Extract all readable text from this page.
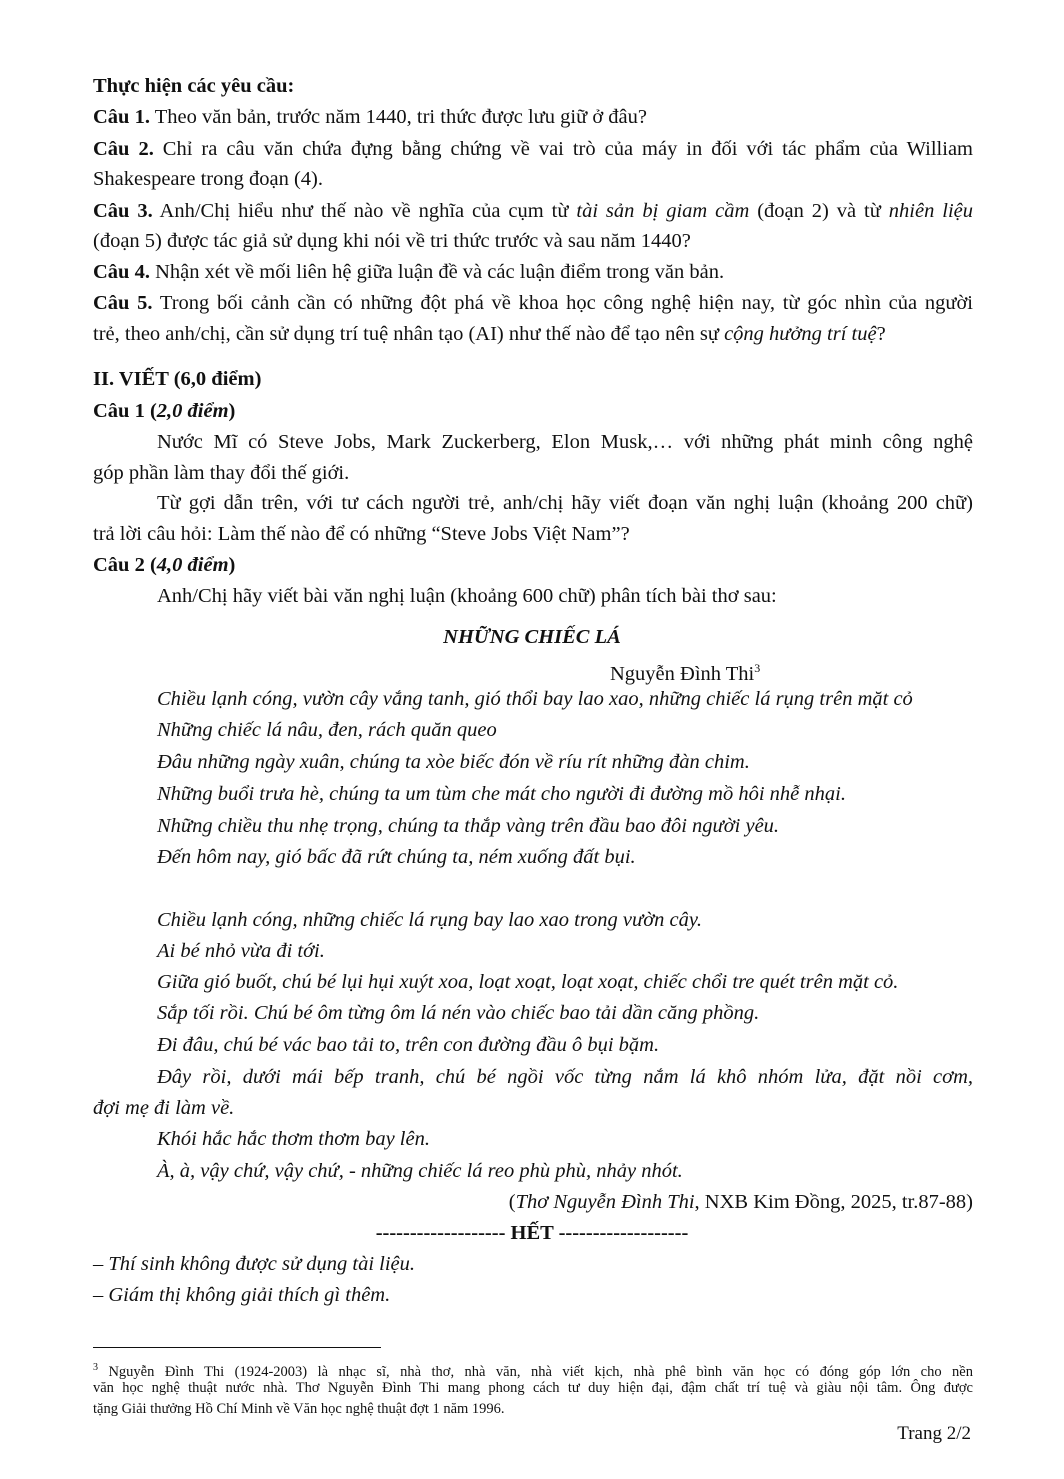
Thực hiện các yêu cầu:
Câu 1. Theo văn bản, trước năm 1440, tri thức được lưu giữ ở đâu?
Câu 2. Chỉ ra câu văn chứa đựng bằng chứng về vai trò của máy in đối với tác phẩm của William
Shakespeare trong đoạn (4).
Câu 3. Anh/Chị hiểu như thế nào về nghĩa của cụm từ tài sản bị giam cầm (đoạn 2) và từ nhiên liệu
(đoạn 5) được tác giả sử dụng khi nói về tri thức trước và sau năm 1440?
Câu 4. Nhận xét về mối liên hệ giữa luận đề và các luận điểm trong văn bản.
Câu 5. Trong bối cảnh cần có những đột phá về khoa học công nghệ hiện nay, từ góc nhìn của người
trẻ, theo anh/chị, cần sử dụng trí tuệ nhân tạo (AI) như thế nào để tạo nên sự cộng hưởng trí tuệ?
II. VIẾT (6,0 điểm)
Câu 1 (2,0 điểm)
Nước Mĩ có Steve Jobs, Mark Zuckerberg, Elon Musk,… với những phát minh công nghệ
góp phần làm thay đổi thế giới.
Từ gợi dẫn trên, với tư cách người trẻ, anh/chị hãy viết đoạn văn nghị luận (khoảng 200 chữ)
trả lời câu hỏi: Làm thế nào để có những “Steve Jobs Việt Nam”?
Câu 2 (4,0 điểm)
Anh/Chị hãy viết bài văn nghị luận (khoảng 600 chữ) phân tích bài thơ sau:
NHỮNG CHIẾC LÁ
Nguyễn Đình Thi$^3$
Chiều lạnh cóng, vườn cây vắng tanh, gió thổi bay lao xao, những chiếc lá rụng trên mặt cỏ
Những chiếc lá nâu, đen, rách quăn queo
Đâu những ngày xuân, chúng ta xòe biếc đón về ríu rít những đàn chim.
Những buổi trưa hè, chúng ta um tùm che mát cho người đi đường mồ hôi nhễ nhại.
Những chiều thu nhẹ trọng, chúng ta thắp vàng trên đầu bao đôi người yêu.
Đến hôm nay, gió bấc đã rứt chúng ta, ném xuống đất bụi.
Chiều lạnh cóng, những chiếc lá rụng bay lao xao trong vườn cây.
Ai bé nhỏ vừa đi tới.
Giữa gió buốt, chú bé lụi hụi xuýt xoa, loạt xoạt, loạt xoạt, chiếc chổi tre quét trên mặt cỏ.
Sắp tối rồi. Chú bé ôm từng ôm lá nén vào chiếc bao tải dần căng phồng.
Đi đâu, chú bé vác bao tải to, trên con đường đầu ô bụi bặm.
Đây rồi, dưới mái bếp tranh, chú bé ngồi vốc từng nắm lá khô nhóm lửa, đặt nồi cơm,
đợi mẹ đi làm về.
Khói hắc hắc thơm thơm bay lên.
À, à, vậy chứ, vậy chứ, - những chiếc lá reo phù phù, nhảy nhót.
(Thơ Nguyễn Đình Thi, NXB Kim Đồng, 2025, tr.87-88)
------------------- HẾT -------------------
– Thí sinh không được sử dụng tài liệu.
– Giám thị không giải thích gì thêm.
$^3$ Nguyễn Đình Thi (1924-2003) là nhạc sĩ, nhà thơ, nhà văn, nhà viết kịch, nhà phê bình văn học có đóng góp lớn cho nền
văn học nghệ thuật nước nhà. Thơ Nguyễn Đình Thi mang phong cách tư duy hiện đại, đậm chất trí tuệ và giàu nội tâm. Ông được
tặng Giải thưởng Hồ Chí Minh về Văn học nghệ thuật đợt 1 năm 1996.
Trang 2/2
